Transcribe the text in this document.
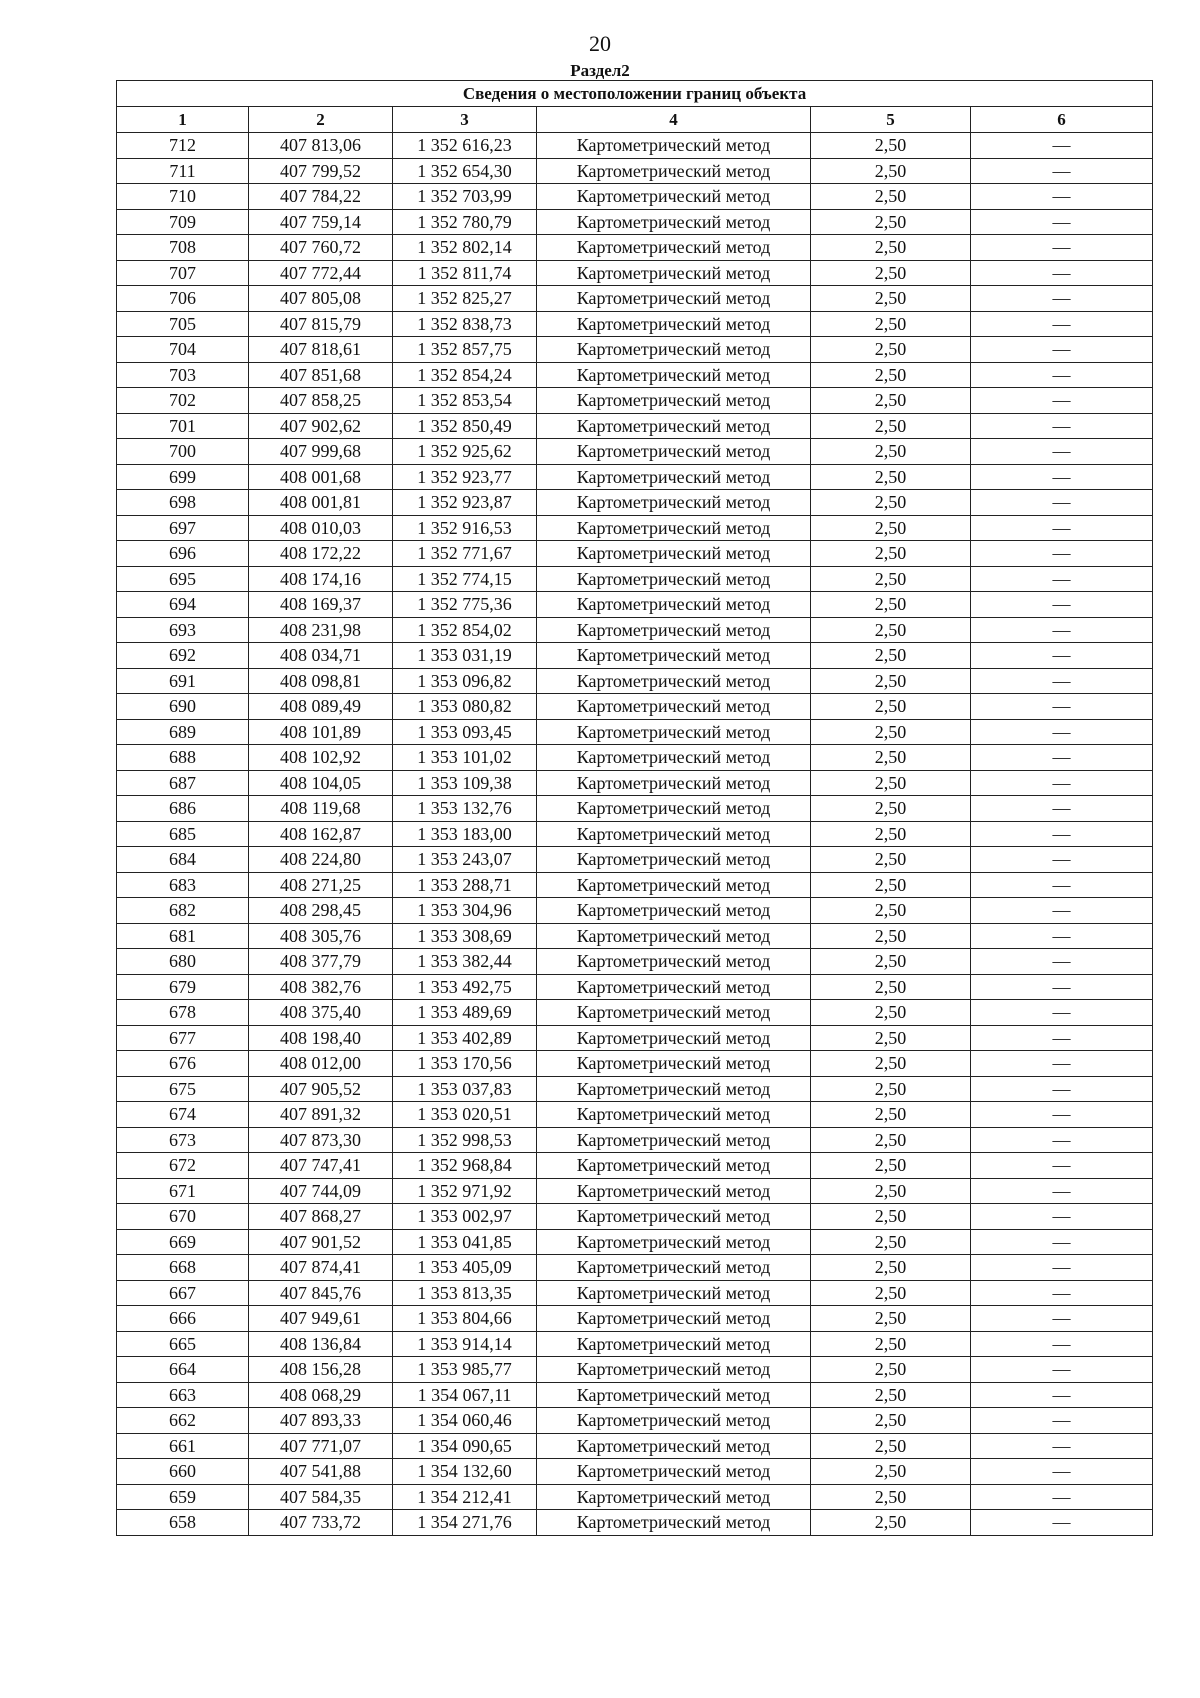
20
Раздел2
Сведения о местоположении границ объекта					
1	2	3	4	5	6
712	407 813,06	1 352 616,23	Картометрический метод	2,50	—
711	407 799,52	1 352 654,30	Картометрический метод	2,50	—
710	407 784,22	1 352 703,99	Картометрический метод	2,50	—
709	407 759,14	1 352 780,79	Картометрический метод	2,50	—
708	407 760,72	1 352 802,14	Картометрический метод	2,50	—
707	407 772,44	1 352 811,74	Картометрический метод	2,50	—
706	407 805,08	1 352 825,27	Картометрический метод	2,50	—
705	407 815,79	1 352 838,73	Картометрический метод	2,50	—
704	407 818,61	1 352 857,75	Картометрический метод	2,50	—
703	407 851,68	1 352 854,24	Картометрический метод	2,50	—
702	407 858,25	1 352 853,54	Картометрический метод	2,50	—
701	407 902,62	1 352 850,49	Картометрический метод	2,50	—
700	407 999,68	1 352 925,62	Картометрический метод	2,50	—
699	408 001,68	1 352 923,77	Картометрический метод	2,50	—
698	408 001,81	1 352 923,87	Картометрический метод	2,50	—
697	408 010,03	1 352 916,53	Картометрический метод	2,50	—
696	408 172,22	1 352 771,67	Картометрический метод	2,50	—
695	408 174,16	1 352 774,15	Картометрический метод	2,50	—
694	408 169,37	1 352 775,36	Картометрический метод	2,50	—
693	408 231,98	1 352 854,02	Картометрический метод	2,50	—
692	408 034,71	1 353 031,19	Картометрический метод	2,50	—
691	408 098,81	1 353 096,82	Картометрический метод	2,50	—
690	408 089,49	1 353 080,82	Картометрический метод	2,50	—
689	408 101,89	1 353 093,45	Картометрический метод	2,50	—
688	408 102,92	1 353 101,02	Картометрический метод	2,50	—
687	408 104,05	1 353 109,38	Картометрический метод	2,50	—
686	408 119,68	1 353 132,76	Картометрический метод	2,50	—
685	408 162,87	1 353 183,00	Картометрический метод	2,50	—
684	408 224,80	1 353 243,07	Картометрический метод	2,50	—
683	408 271,25	1 353 288,71	Картометрический метод	2,50	—
682	408 298,45	1 353 304,96	Картометрический метод	2,50	—
681	408 305,76	1 353 308,69	Картометрический метод	2,50	—
680	408 377,79	1 353 382,44	Картометрический метод	2,50	—
679	408 382,76	1 353 492,75	Картометрический метод	2,50	—
678	408 375,40	1 353 489,69	Картометрический метод	2,50	—
677	408 198,40	1 353 402,89	Картометрический метод	2,50	—
676	408 012,00	1 353 170,56	Картометрический метод	2,50	—
675	407 905,52	1 353 037,83	Картометрический метод	2,50	—
674	407 891,32	1 353 020,51	Картометрический метод	2,50	—
673	407 873,30	1 352 998,53	Картометрический метод	2,50	—
672	407 747,41	1 352 968,84	Картометрический метод	2,50	—
671	407 744,09	1 352 971,92	Картометрический метод	2,50	—
670	407 868,27	1 353 002,97	Картометрический метод	2,50	—
669	407 901,52	1 353 041,85	Картометрический метод	2,50	—
668	407 874,41	1 353 405,09	Картометрический метод	2,50	—
667	407 845,76	1 353 813,35	Картометрический метод	2,50	—
666	407 949,61	1 353 804,66	Картометрический метод	2,50	—
665	408 136,84	1 353 914,14	Картометрический метод	2,50	—
664	408 156,28	1 353 985,77	Картометрический метод	2,50	—
663	408 068,29	1 354 067,11	Картометрический метод	2,50	—
662	407 893,33	1 354 060,46	Картометрический метод	2,50	—
661	407 771,07	1 354 090,65	Картометрический метод	2,50	—
660	407 541,88	1 354 132,60	Картометрический метод	2,50	—
659	407 584,35	1 354 212,41	Картометрический метод	2,50	—
658	407 733,72	1 354 271,76	Картометрический метод	2,50	—
